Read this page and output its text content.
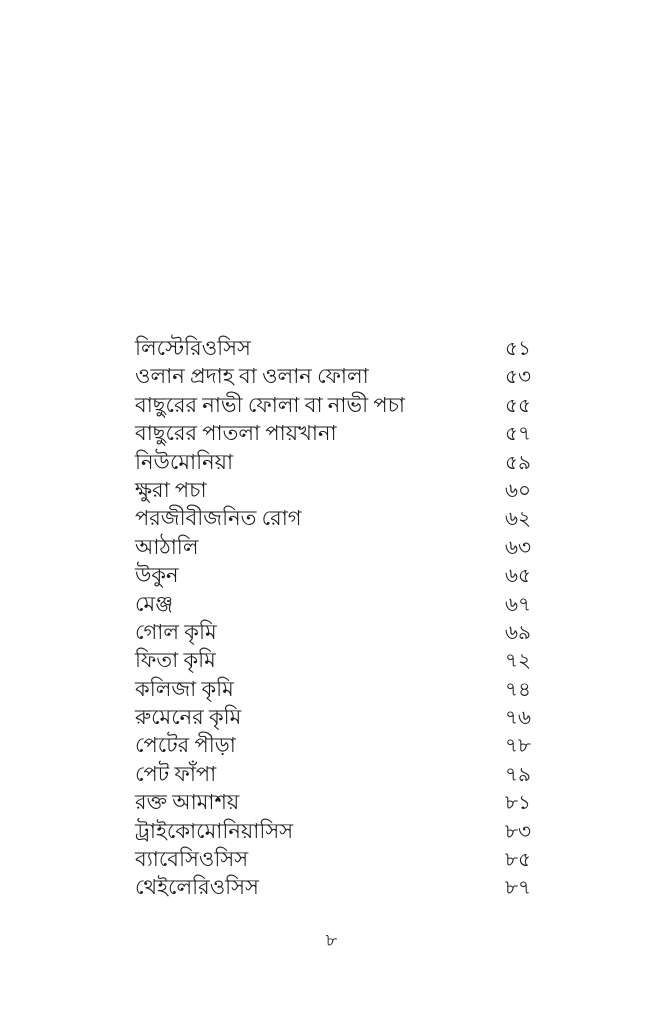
লিস্টেরিওসিস	৫১
ওলান প্রদাহ বা ওলান ফোলা	৫৩
বাছুরের নাভী ফোলা বা নাভী পচা	৫৫
বাছুরের পাতলা পায়খানা	৫৭
নিউমোনিয়া	৫৯
ক্ষুরা পচা	৬০
পরজীবীজনিত রোগ	৬২
আঠালি	৬৩
উকুন	৬৫
মেঞ্জ	৬৭
গোল কৃমি	৬৯
ফিতা কৃমি	৭২
কলিজা কৃমি	৭৪
রুমেনের কৃমি	৭৬
পেটের পীড়া	৭৮
পেট ফাঁপা	৭৯
রক্ত আমাশয়	৮১
ট্রাইকোমোনিয়াসিস	৮৩
ব্যাবেসিওসিস	৮৫
থেইলেরিওসিস	৮৭
৮
